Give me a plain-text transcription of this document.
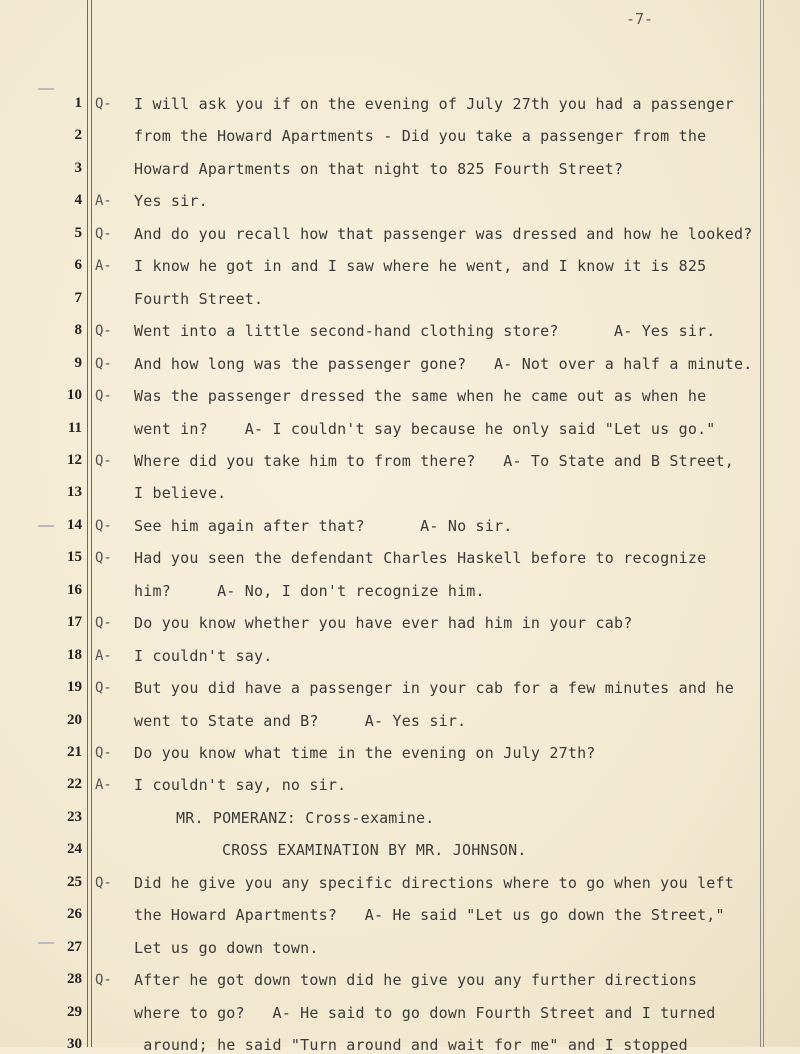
-7-
1 Q-	I will ask you if on the evening of July 27th you had a passenger
2	from the Howard Apartments - Did you take a passenger from the
3	Howard Apartments on that night to 825 Fourth Street?
4 A-	Yes sir.
5 Q-	And do you recall how that passenger was dressed and how he looked?
6 A-	I know he got in and I saw where he went, and I know it is 825
7	Fourth Street.
8 Q-	Went into a little second-hand clothing store?      A- Yes sir.
9 Q-	And how long was the passenger gone?   A- Not over a half a minute.
10 Q-	Was the passenger dressed the same when he came out as when he
11	went in?    A- I couldn't say because he only said "Let us go."
12 Q-	Where did you take him to from there?   A- To State and B Street,
13	I believe.
14 Q-	See him again after that?      A- No sir.
15 Q-	Had you seen the defendant Charles Haskell before to recognize
16	him?     A- No, I don't recognize him.
17 Q-	Do you know whether you have ever had him in your cab?
18 A-	I couldn't say.
19 Q-	But you did have a passenger in your cab for a few minutes and he
20	went to State and B?     A- Yes sir.
21 Q-	Do you know what time in the evening on July 27th?
22 A-	I couldn't say, no sir.
23	MR. POMERANZ: Cross-examine.
24	CROSS EXAMINATION BY MR. JOHNSON.
25 Q-	Did he give you any specific directions where to go when you left
26	the Howard Apartments?   A- He said "Let us go down the Street,"
27	Let us go down town.
28 Q-	After he got down town did he give you any further directions
29	where to go?   A- He said to go down Fourth Street and I turned
30	around; he said "Turn around and wait for me" and I stopped
